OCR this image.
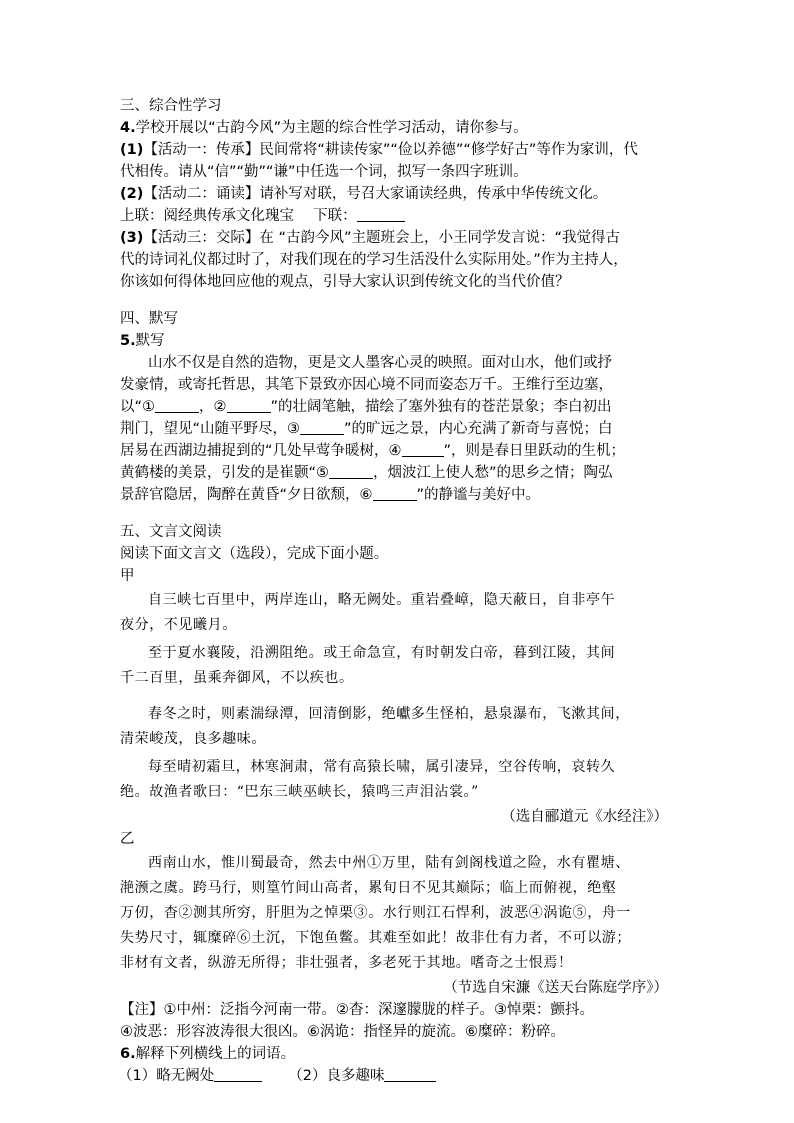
三、综合性学习
4.学校开展以“古韵今风”为主题的综合性学习活动，请你参与。
(1)【活动一：传承】民间常将“耕读传家”“俭以养德”“修学好古”等作为家训，代
代相传。请从“信”“勤”“谦”中任选一个词，拟写一条四字班训。
(2)【活动二：诵读】请补写对联，号召大家诵读经典，传承中华传统文化。
上联：阅经典传承文化瑰宝　 下联：
(3)【活动三：交际】在 “古韵今风”主题班会上，小王同学发言说：“我觉得古
代的诗词礼仪都过时了，对我们现在的学习生活没什么实际用处。”作为主持人，
你该如何得体地回应他的观点，引导大家认识到传统文化的当代价值？
四、默写
5.默写
山水不仅是自然的造物，更是文人墨客心灵的映照。面对山水，他们或抒
发豪情，或寄托哲思，其笔下景致亦因心境不同而姿态万千。王维行至边塞，
以“①	，②	”的壮阔笔触，描绘了塞外独有的苍茫景象；李白初出
荆门，望见“山随平野尽，③	”的旷远之景，内心充满了新奇与喜悦；白
居易在西湖边捕捉到的“几处早莺争暖树，④	”，则是春日里跃动的生机；
黄鹤楼的美景，引发的是崔颢“⑤	，烟波江上使人愁”的思乡之情；陶弘
景辞官隐居，陶醉在黄昏“夕日欲颓，⑥	”的静谧与美好中。
五、文言文阅读
阅读下面文言文（选段），完成下面小题。
甲
自三峡七百里中，两岸连山，略无阙处。重岩叠嶂，隐天蔽日，自非亭午
夜分，不见曦月。
至于夏水襄陵，沿溯阻绝。或王命急宣，有时朝发白帝，暮到江陵，其间
千二百里，虽乘奔御风，不以疾也。
春冬之时，则素湍绿潭，回清倒影，绝巘多生怪柏，悬泉瀑布，飞漱其间，
清荣峻茂，良多趣味。
每至晴初霜旦，林寒涧肃，常有高猿长啸，属引凄异，空谷传响，哀转久
绝。故渔者歌曰：“巴东三峡巫峡长，猿鸣三声泪沾裳。”
（选自郦道元《水经注》）
乙
西南山水，惟川蜀最奇，然去中州①万里，陆有剑阁栈道之险，水有瞿塘、
滟滪之虞。跨马行，则篁竹间山高者，累旬日不见其巅际；临上而俯视，绝壑
万仞，杳②测其所穷，肝胆为之悼栗③。水行则江石悍利，波恶④涡诡⑤，舟一
失势尺寸，辄糜碎⑥土沉，下饱鱼鳖。其难至如此！故非仕有力者，不可以游；
非材有文者，纵游无所得；非壮强者，多老死于其地。嗜奇之士恨焉！
（节选自宋濂《送天台陈庭学序》）
【注】①中州：泛指今河南一带。②杳：深邃朦胧的样子。③悼栗：颤抖。
④波恶：形容波涛很大很凶。⑥涡诡：指怪异的旋流。⑥糜碎：粉碎。
6.解释下列横线上的词语。
（1）略无阙处	（2）良多趣味
